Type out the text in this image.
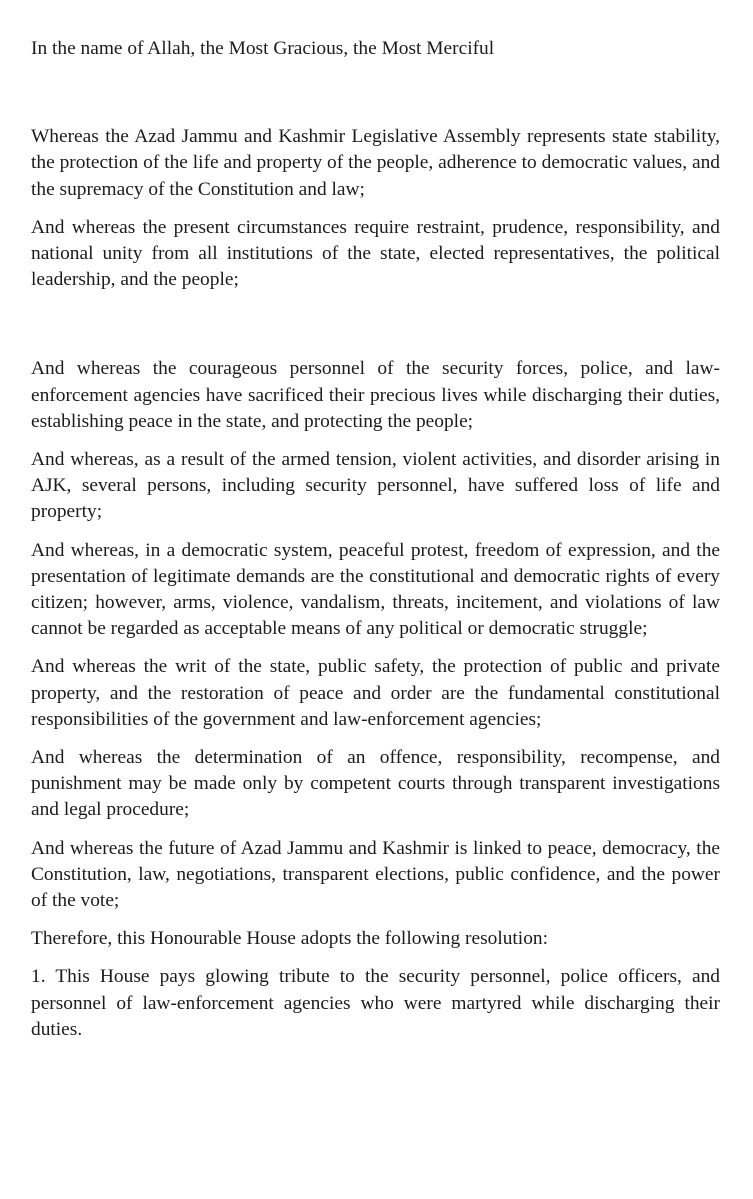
In the name of Allah, the Most Gracious, the Most Merciful

Whereas the Azad Jammu and Kashmir Legislative Assembly represents state stability, the protection of the life and property of the people, adherence to democratic values, and the supremacy of the Constitution and law;

And whereas the present circumstances require restraint, prudence, responsibility, and national unity from all institutions of the state, elected representatives, the political leadership, and the people;

And whereas the courageous personnel of the security forces, police, and law-enforcement agencies have sacrificed their precious lives while discharging their duties, establishing peace in the state, and protecting the people;

And whereas, as a result of the armed tension, violent activities, and disorder arising in AJK, several persons, including security personnel, have suffered loss of life and property;

And whereas, in a democratic system, peaceful protest, freedom of expression, and the presentation of legitimate demands are the constitutional and democratic rights of every citizen; however, arms, violence, vandalism, threats, incitement, and violations of law cannot be regarded as acceptable means of any political or democratic struggle;

And whereas the writ of the state, public safety, the protection of public and private property, and the restoration of peace and order are the fundamental constitutional responsibilities of the government and law-enforcement agencies;

And whereas the determination of an offence, responsibility, recompense, and punishment may be made only by competent courts through transparent investigations and legal procedure;

And whereas the future of Azad Jammu and Kashmir is linked to peace, democracy, the Constitution, law, negotiations, transparent elections, public confidence, and the power of the vote;

Therefore, this Honourable House adopts the following resolution:

1. This House pays glowing tribute to the security personnel, police officers, and personnel of law-enforcement agencies who were martyred while discharging their duties.
